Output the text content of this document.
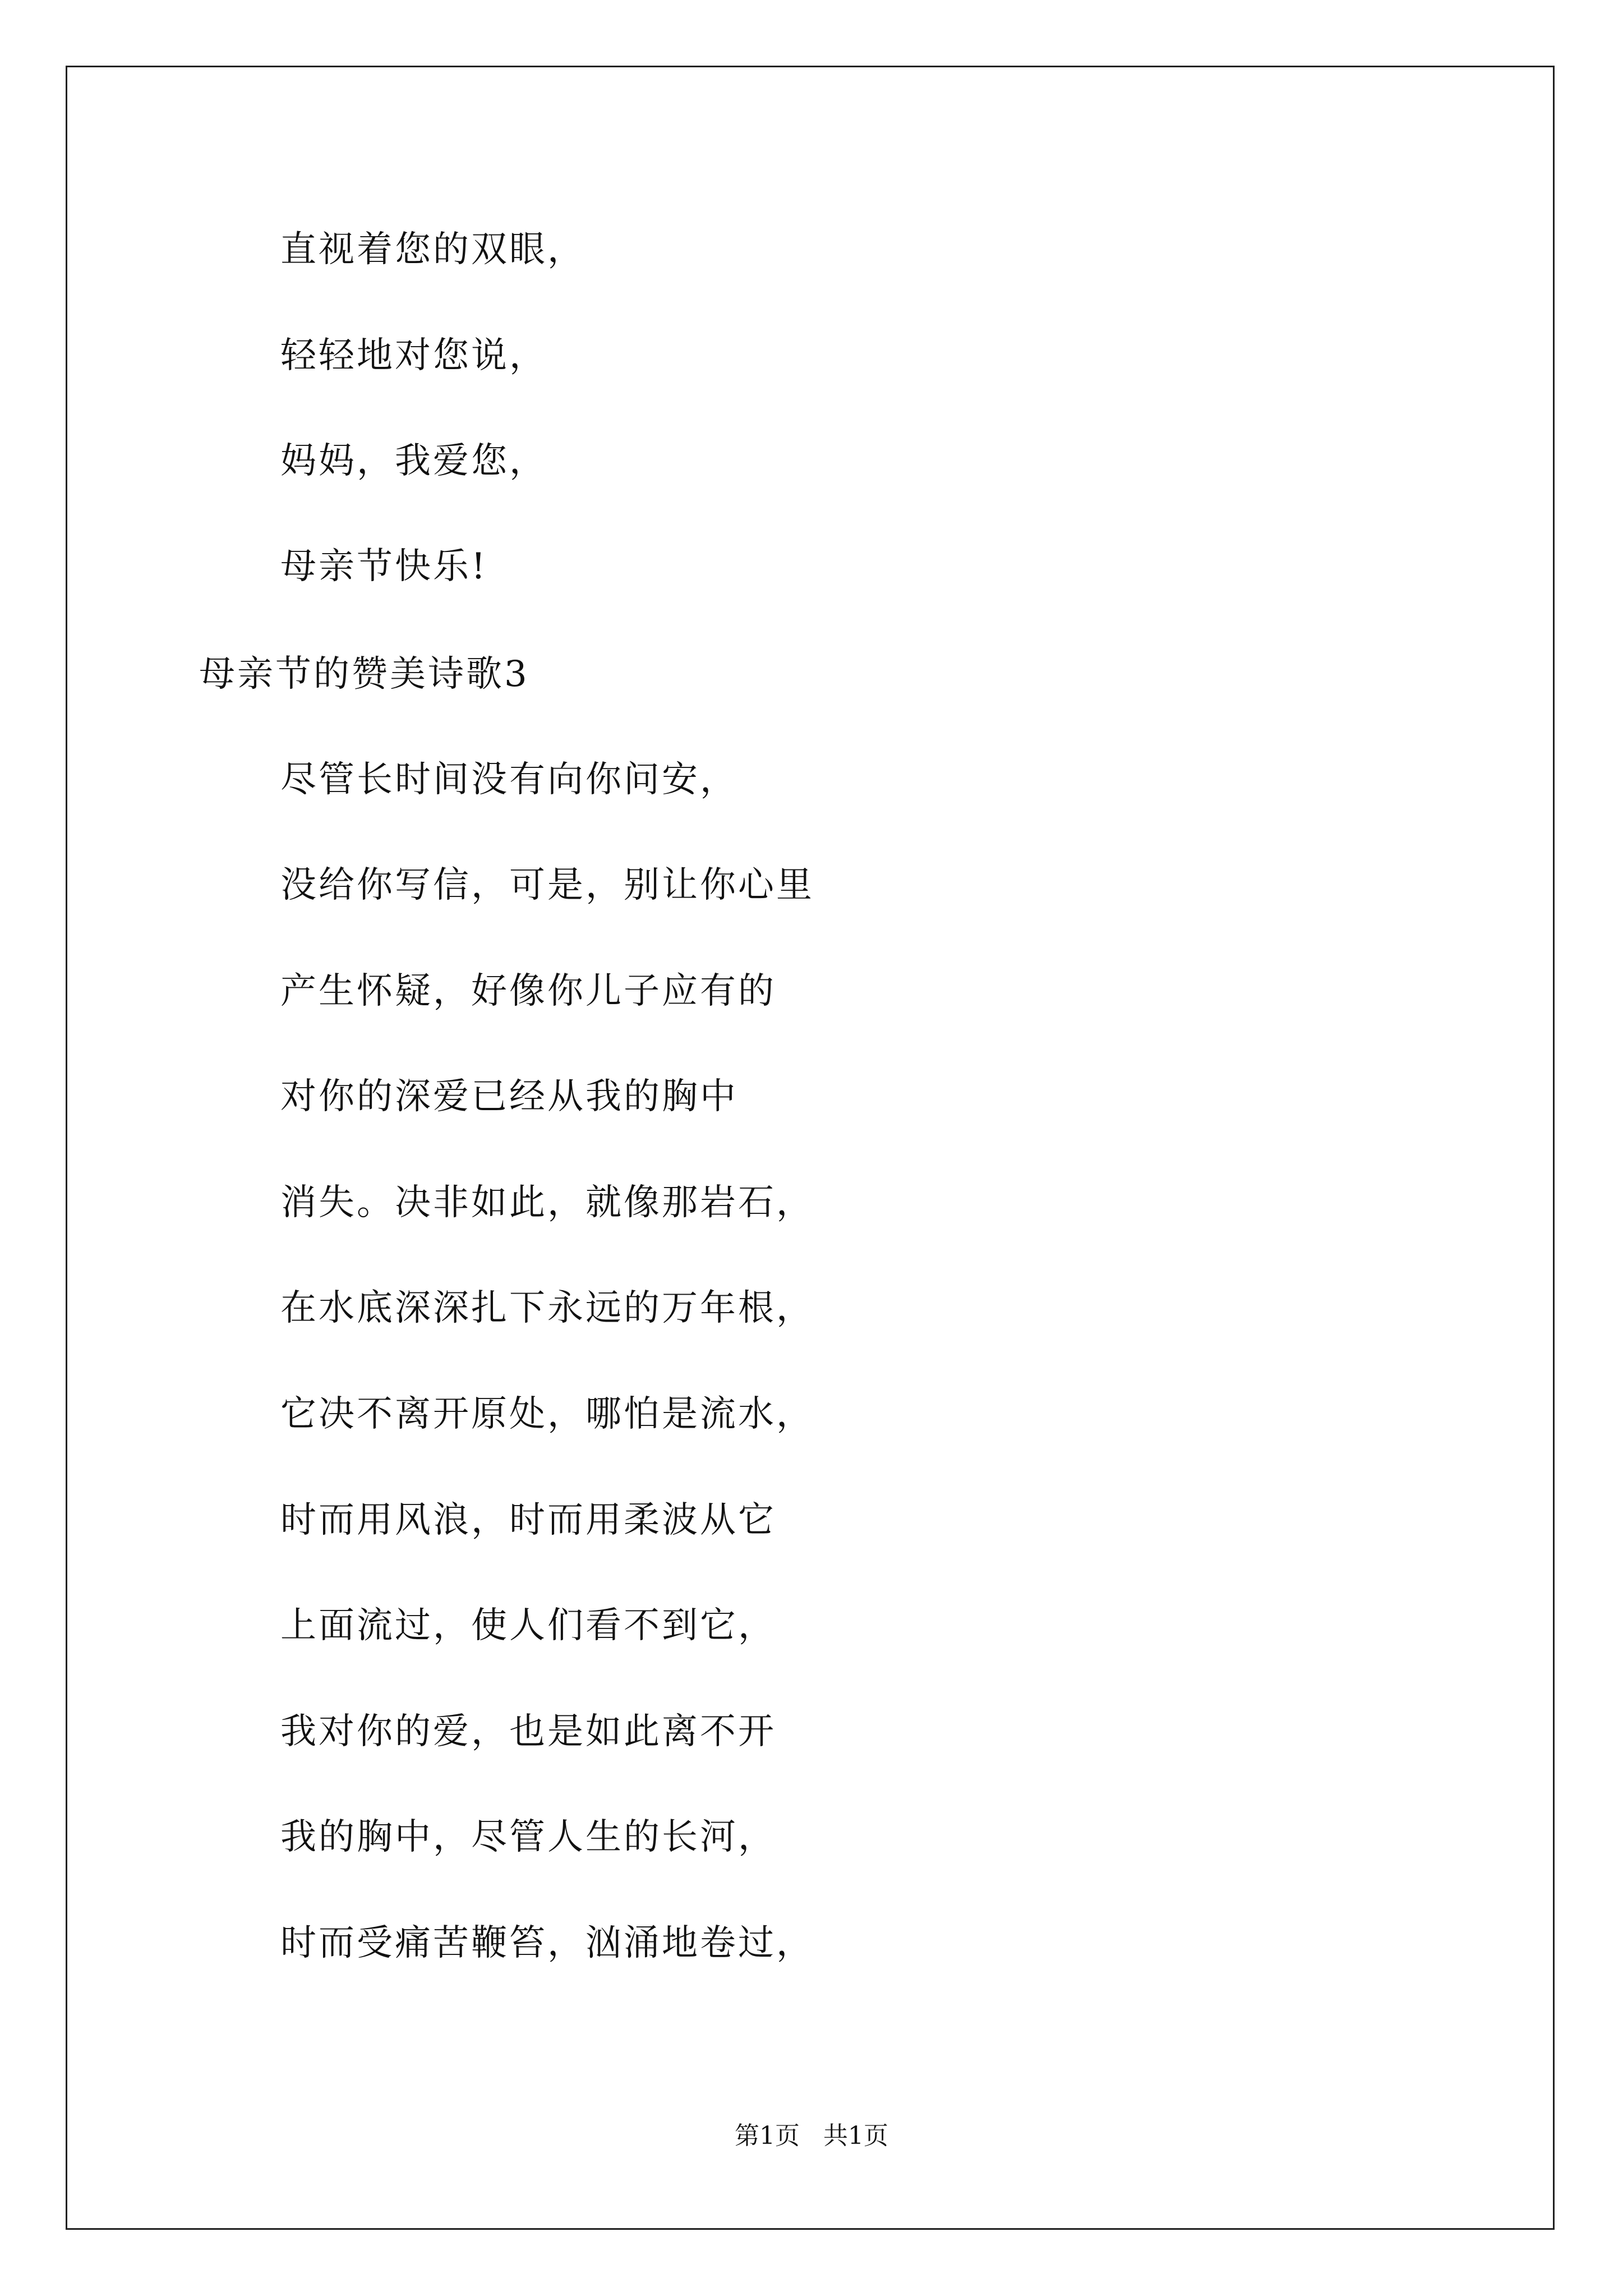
直视着您的双眼，
轻轻地对您说，
妈妈，我爱您，
母亲节快乐!
母亲节的赞美诗歌3
尽管长时间没有向你问安，
没给你写信，可是，别让你心里
产生怀疑，好像你儿子应有的
对你的深爱已经从我的胸中
消失。决非如此，就像那岩石，
在水底深深扎下永远的万年根，
它决不离开原处，哪怕是流水，
时而用风浪，时而用柔波从它
上面流过，使人们看不到它，
我对你的爱，也是如此离不开
我的胸中，尽管人生的长河，
时而受痛苦鞭笞，汹涌地卷过，
第1页   共1页
